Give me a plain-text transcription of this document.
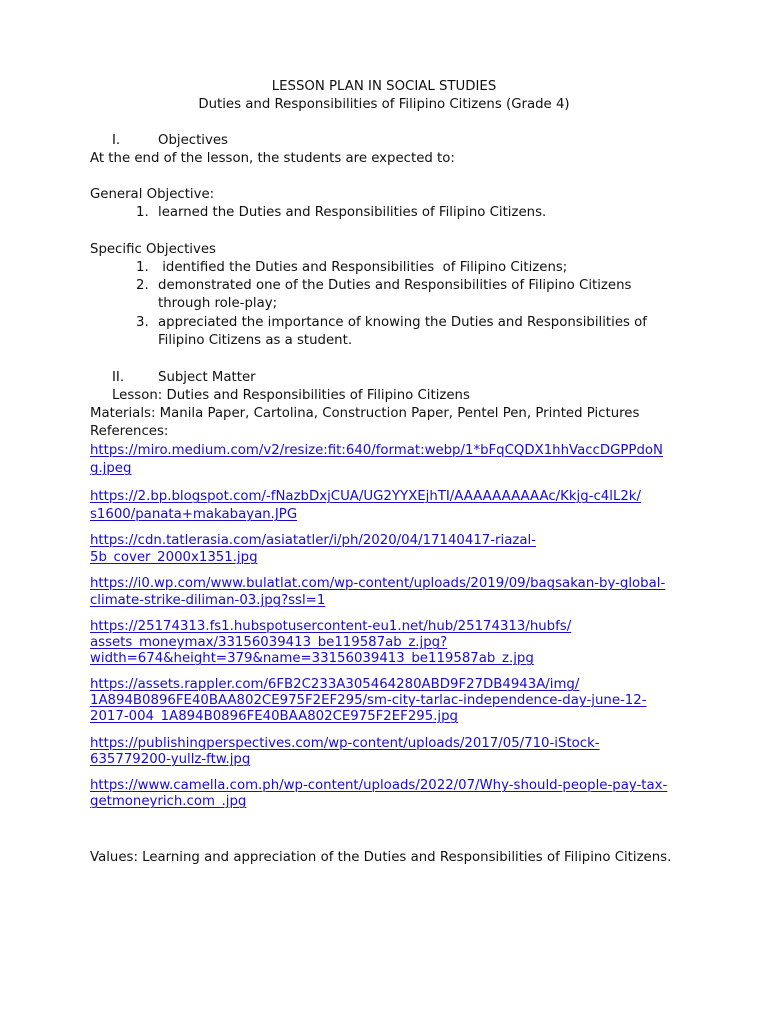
LESSON PLAN IN SOCIAL STUDIES
Duties and Responsibilities of Filipino Citizens (Grade 4)
I.	Objectives
At the end of the lesson, the students are expected to:
General Objective:
1. learned the Duties and Responsibilities of Filipino Citizens.
Specific Objectives
1. identified the Duties and Responsibilities  of Filipino Citizens;
2. demonstrated one of the Duties and Responsibilities of Filipino Citizens
through role-play;
3. appreciated the importance of knowing the Duties and Responsibilities of
Filipino Citizens as a student.
II.	Subject Matter
Lesson: Duties and Responsibilities of Filipino Citizens
Materials: Manila Paper, Cartolina, Construction Paper, Pentel Pen, Printed Pictures
References:
https://miro.medium.com/v2/resize:fit:640/format:webp/1*bFqCQDX1hhVaccDGPPdoN
g.jpeg
https://2.bp.blogspot.com/-fNazbDxjCUA/UG2YYXEjhTI/AAAAAAAAAAc/Kkjg-c4lL2k/
s1600/panata+makabayan.JPG
https://cdn.tatlerasia.com/asiatatler/i/ph/2020/04/17140417-riazal-
5b_cover_2000x1351.jpg
https://i0.wp.com/www.bulatlat.com/wp-content/uploads/2019/09/bagsakan-by-global-
climate-strike-diliman-03.jpg?ssl=1
https://25174313.fs1.hubspotusercontent-eu1.net/hub/25174313/hubfs/
assets_moneymax/33156039413_be119587ab_z.jpg?
width=674&height=379&name=33156039413_be119587ab_z.jpg
https://assets.rappler.com/6FB2C233A305464280ABD9F27DB4943A/img/
1A894B0896FE40BAA802CE975F2EF295/sm-city-tarlac-independence-day-june-12-
2017-004_1A894B0896FE40BAA802CE975F2EF295.jpg
https://publishingperspectives.com/wp-content/uploads/2017/05/710-iStock-
635779200-yullz-ftw.jpg
https://www.camella.com.ph/wp-content/uploads/2022/07/Why-should-people-pay-tax-
getmoneyrich.com_.jpg
Values: Learning and appreciation of the Duties and Responsibilities of Filipino Citizens.
